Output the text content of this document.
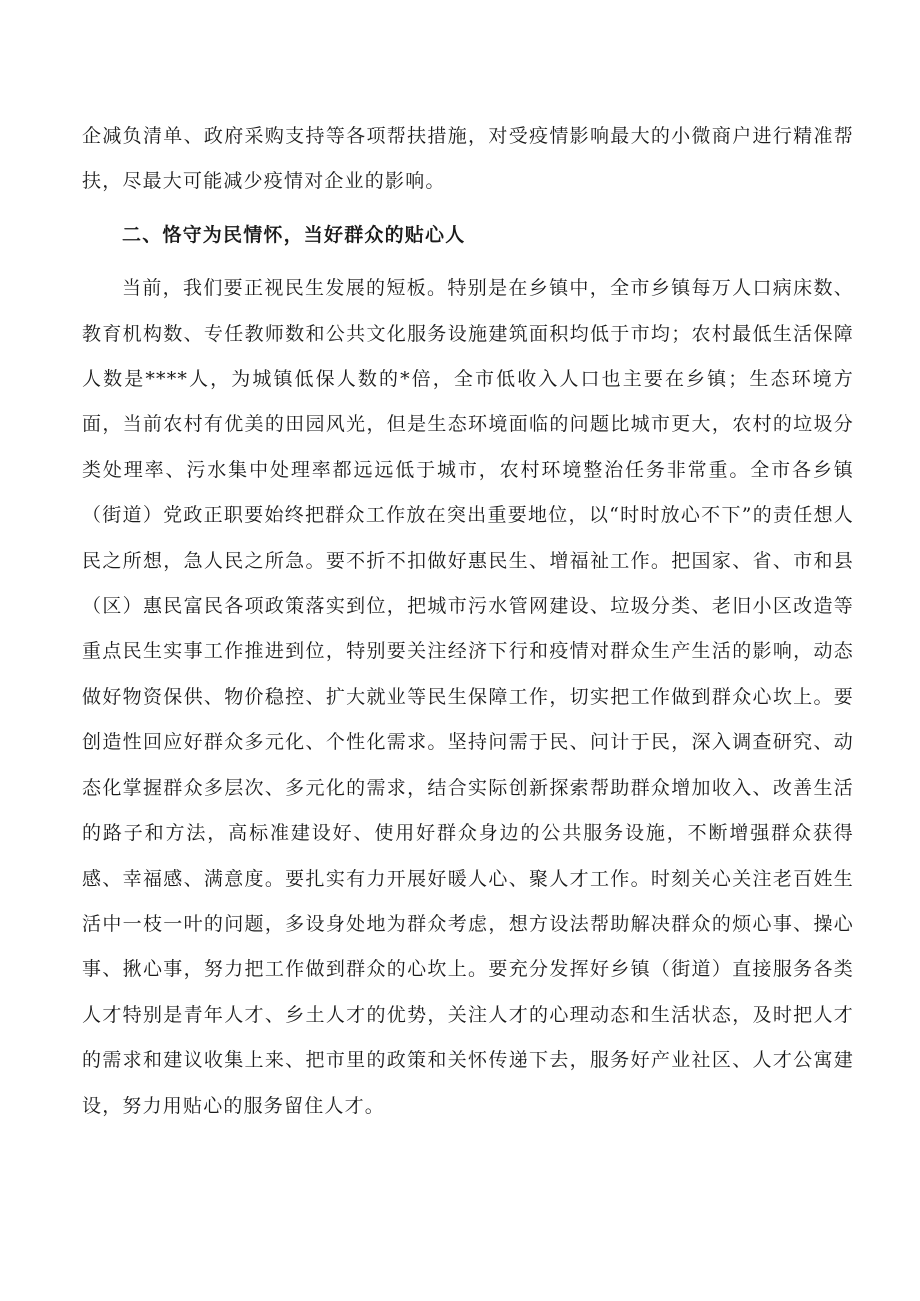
企减负清单、政府采购支持等各项帮扶措施，对受疫情影响最大的小微商户进行精准帮扶，尽最大可能减少疫情对企业的影响。

二、恪守为民情怀，当好群众的贴心人

当前，我们要正视民生发展的短板。特别是在乡镇中，全市乡镇每万人口病床数、教育机构数、专任教师数和公共文化服务设施建筑面积均低于市均；农村最低生活保障人数是****人，为城镇低保人数的*倍，全市低收入人口也主要在乡镇；生态环境方面，当前农村有优美的田园风光，但是生态环境面临的问题比城市更大，农村的垃圾分类处理率、污水集中处理率都远远低于城市，农村环境整治任务非常重。全市各乡镇（街道）党政正职要始终把群众工作放在突出重要地位，以“时时放心不下”的责任想人民之所想，急人民之所急。要不折不扣做好惠民生、增福祉工作。把国家、省、市和县（区）惠民富民各项政策落实到位，把城市污水管网建设、垃圾分类、老旧小区改造等重点民生实事工作推进到位，特别要关注经济下行和疫情对群众生产生活的影响，动态做好物资保供、物价稳控、扩大就业等民生保障工作，切实把工作做到群众心坎上。要创造性回应好群众多元化、个性化需求。坚持问需于民、问计于民，深入调查研究、动态化掌握群众多层次、多元化的需求，结合实际创新探索帮助群众增加收入、改善生活的路子和方法，高标准建设好、使用好群众身边的公共服务设施，不断增强群众获得感、幸福感、满意度。要扎实有力开展好暖人心、聚人才工作。时刻关心关注老百姓生活中一枝一叶的问题，多设身处地为群众考虑，想方设法帮助解决群众的烦心事、操心事、揪心事，努力把工作做到群众的心坎上。要充分发挥好乡镇（街道）直接服务各类人才特别是青年人才、乡土人才的优势，关注人才的心理动态和生活状态，及时把人才的需求和建议收集上来、把市里的政策和关怀传递下去，服务好产业社区、人才公寓建设，努力用贴心的服务留住人才。
